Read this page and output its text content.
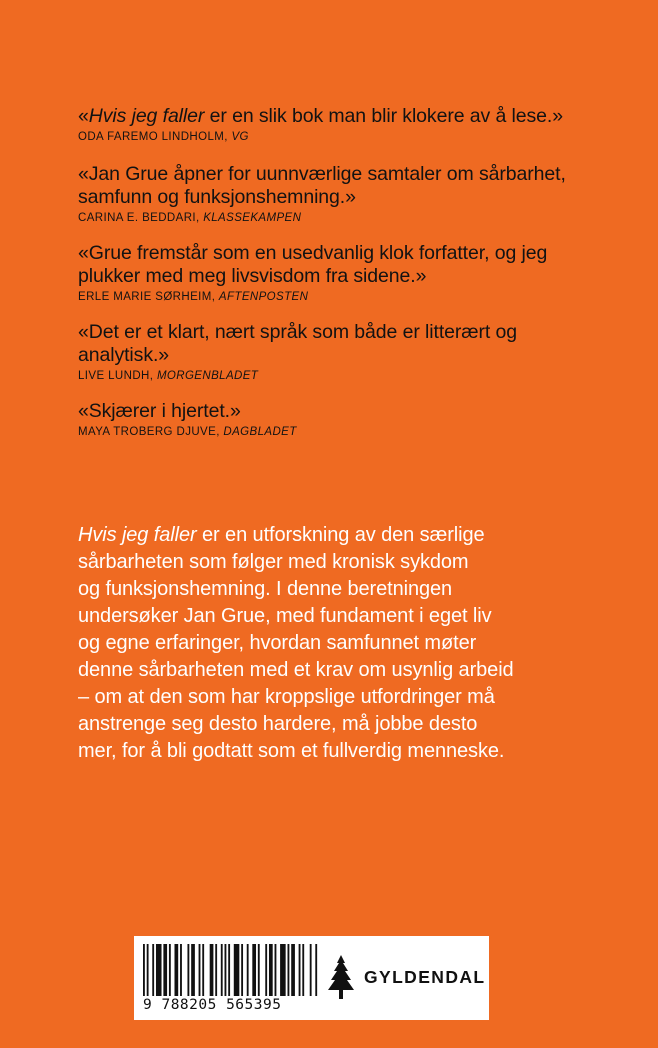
«Hvis jeg faller er en slik bok man blir klokere av å lese.»
ODA FAREMO LINDHOLM, VG
«Jan Grue åpner for uunnværlige samtaler om sårbarhet,
samfunn og funksjonshemning.»
CARINA E. BEDDARI, KLASSEKAMPEN
«Grue fremstår som en usedvanlig klok forfatter, og jeg
plukker med meg livsvisdom fra sidene.»
ERLE MARIE SØRHEIM, AFTENPOSTEN
«Det er et klart, nært språk som både er litterært og
analytisk.»
LIVE LUNDH, MORGENBLADET
«Skjærer i hjertet.»
MAYA TROBERG DJUVE, DAGBLADET

Hvis jeg faller er en utforskning av den særlige

sårbarheten som følger med kronisk sykdom

og funksjonshemning. I denne beretningen

undersøker Jan Grue, med fundament i eget liv

og egne erfaringer, hvordan samfunnet møter

denne sårbarheten med et krav om usynlig arbeid

– om at den som har kroppslige utfordringer må

anstrenge seg desto hardere, må jobbe desto

mer, for å bli godtatt som et fullverdig menneske.

9 788205 565395
GYLDENDAL
